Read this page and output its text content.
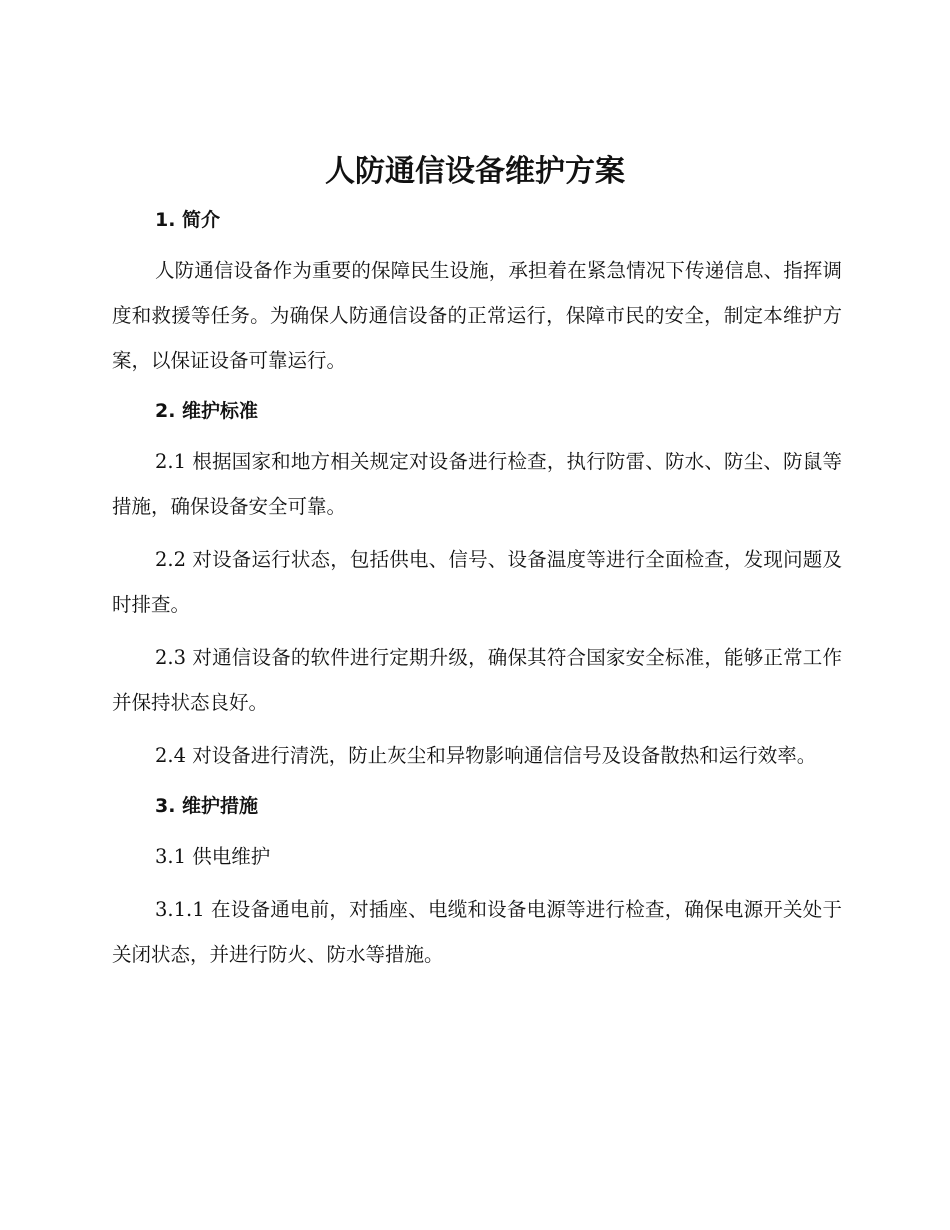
人防通信设备维护方案
1. 简介

人防通信设备作为重要的保障民生设施，承担着在紧急情况下传递信息、指挥调度和救援等任务。为确保人防通信设备的正常运行，保障市民的安全，制定本维护方案，以保证设备可靠运行。

2. 维护标准

2.1 根据国家和地方相关规定对设备进行检查，执行防雷、防水、防尘、防鼠等措施，确保设备安全可靠。

2.2 对设备运行状态，包括供电、信号、设备温度等进行全面检查，发现问题及时排查。

2.3 对通信设备的软件进行定期升级，确保其符合国家安全标准，能够正常工作并保持状态良好。

2.4 对设备进行清洗，防止灰尘和异物影响通信信号及设备散热和运行效率。

3. 维护措施

3.1 供电维护

3.1.1 在设备通电前，对插座、电缆和设备电源等进行检查，确保电源开关处于关闭状态，并进行防火、防水等措施。
